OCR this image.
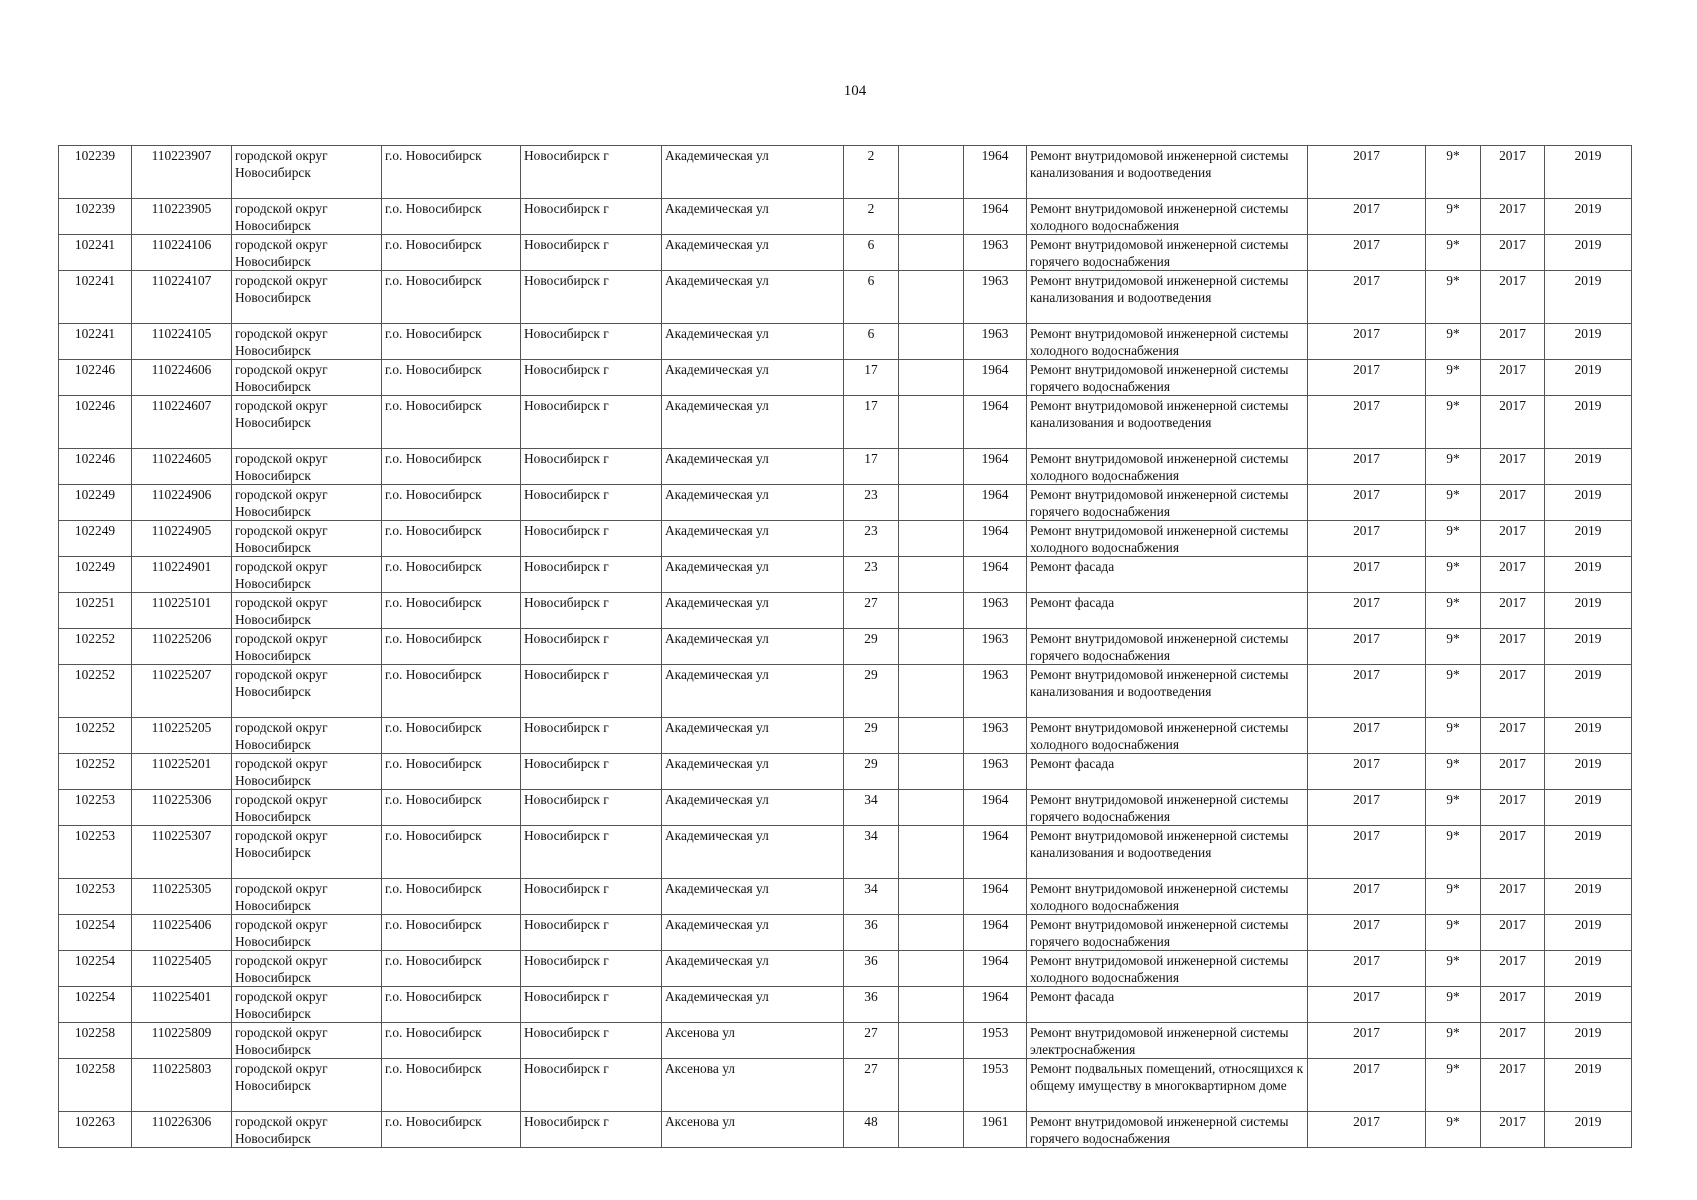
104
102239	110223907	городской округ Новосибирск	г.о. Новосибирск	Новосибирск г	Академическая ул	2		1964	Ремонт внутридомовой инженерной системы канализования и водоотведения	2017	9*	2017	2019
102239	110223905	городской округ Новосибирск	г.о. Новосибирск	Новосибирск г	Академическая ул	2		1964	Ремонт внутридомовой инженерной системы холодного водоснабжения	2017	9*	2017	2019
102241	110224106	городской округ Новосибирск	г.о. Новосибирск	Новосибирск г	Академическая ул	6		1963	Ремонт внутридомовой инженерной системы горячего водоснабжения	2017	9*	2017	2019
102241	110224107	городской округ Новосибирск	г.о. Новосибирск	Новосибирск г	Академическая ул	6		1963	Ремонт внутридомовой инженерной системы канализования и водоотведения	2017	9*	2017	2019
102241	110224105	городской округ Новосибирск	г.о. Новосибирск	Новосибирск г	Академическая ул	6		1963	Ремонт внутридомовой инженерной системы холодного водоснабжения	2017	9*	2017	2019
102246	110224606	городской округ Новосибирск	г.о. Новосибирск	Новосибирск г	Академическая ул	17		1964	Ремонт внутридомовой инженерной системы горячего водоснабжения	2017	9*	2017	2019
102246	110224607	городской округ Новосибирск	г.о. Новосибирск	Новосибирск г	Академическая ул	17		1964	Ремонт внутридомовой инженерной системы канализования и водоотведения	2017	9*	2017	2019
102246	110224605	городской округ Новосибирск	г.о. Новосибирск	Новосибирск г	Академическая ул	17		1964	Ремонт внутридомовой инженерной системы холодного водоснабжения	2017	9*	2017	2019
102249	110224906	городской округ Новосибирск	г.о. Новосибирск	Новосибирск г	Академическая ул	23		1964	Ремонт внутридомовой инженерной системы горячего водоснабжения	2017	9*	2017	2019
102249	110224905	городской округ Новосибирск	г.о. Новосибирск	Новосибирск г	Академическая ул	23		1964	Ремонт внутридомовой инженерной системы холодного водоснабжения	2017	9*	2017	2019
102249	110224901	городской округ Новосибирск	г.о. Новосибирск	Новосибирск г	Академическая ул	23		1964	Ремонт фасада	2017	9*	2017	2019
102251	110225101	городской округ Новосибирск	г.о. Новосибирск	Новосибирск г	Академическая ул	27		1963	Ремонт фасада	2017	9*	2017	2019
102252	110225206	городской округ Новосибирск	г.о. Новосибирск	Новосибирск г	Академическая ул	29		1963	Ремонт внутридомовой инженерной системы горячего водоснабжения	2017	9*	2017	2019
102252	110225207	городской округ Новосибирск	г.о. Новосибирск	Новосибирск г	Академическая ул	29		1963	Ремонт внутридомовой инженерной системы канализования и водоотведения	2017	9*	2017	2019
102252	110225205	городской округ Новосибирск	г.о. Новосибирск	Новосибирск г	Академическая ул	29		1963	Ремонт внутридомовой инженерной системы холодного водоснабжения	2017	9*	2017	2019
102252	110225201	городской округ Новосибирск	г.о. Новосибирск	Новосибирск г	Академическая ул	29		1963	Ремонт фасада	2017	9*	2017	2019
102253	110225306	городской округ Новосибирск	г.о. Новосибирск	Новосибирск г	Академическая ул	34		1964	Ремонт внутридомовой инженерной системы горячего водоснабжения	2017	9*	2017	2019
102253	110225307	городской округ Новосибирск	г.о. Новосибирск	Новосибирск г	Академическая ул	34		1964	Ремонт внутридомовой инженерной системы канализования и водоотведения	2017	9*	2017	2019
102253	110225305	городской округ Новосибирск	г.о. Новосибирск	Новосибирск г	Академическая ул	34		1964	Ремонт внутридомовой инженерной системы холодного водоснабжения	2017	9*	2017	2019
102254	110225406	городской округ Новосибирск	г.о. Новосибирск	Новосибирск г	Академическая ул	36		1964	Ремонт внутридомовой инженерной системы горячего водоснабжения	2017	9*	2017	2019
102254	110225405	городской округ Новосибирск	г.о. Новосибирск	Новосибирск г	Академическая ул	36		1964	Ремонт внутридомовой инженерной системы холодного водоснабжения	2017	9*	2017	2019
102254	110225401	городской округ Новосибирск	г.о. Новосибирск	Новосибирск г	Академическая ул	36		1964	Ремонт фасада	2017	9*	2017	2019
102258	110225809	городской округ Новосибирск	г.о. Новосибирск	Новосибирск г	Аксенова ул	27		1953	Ремонт внутридомовой инженерной системы электроснабжения	2017	9*	2017	2019
102258	110225803	городской округ Новосибирск	г.о. Новосибирск	Новосибирск г	Аксенова ул	27		1953	Ремонт подвальных помещений, относящихся к общему имуществу в многоквартирном доме	2017	9*	2017	2019
102263	110226306	городской округ Новосибирск	г.о. Новосибирск	Новосибирск г	Аксенова ул	48		1961	Ремонт внутридомовой инженерной системы горячего водоснабжения	2017	9*	2017	2019
